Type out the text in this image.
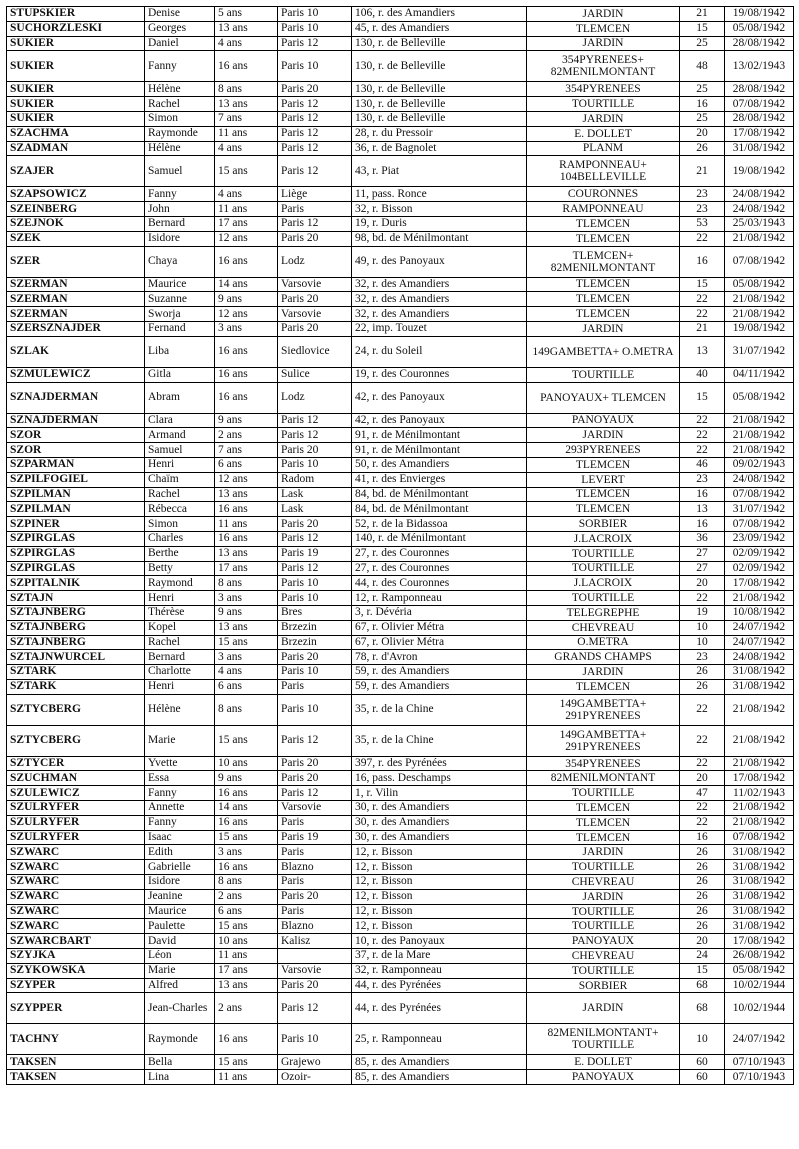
STUPSKIER	Denise	5 ans	Paris 10	106, r. des Amandiers	JARDIN	21	19/08/1942
SUCHORZLESKI	Georges	13 ans	Paris 10	45, r. des Amandiers	TLEMCEN	15	05/08/1942
SUKIER	Daniel	4 ans	Paris 12	130, r. de Belleville	JARDIN	25	28/08/1942
SUKIER	Fanny	16 ans	Paris 10	130, r. de Belleville	354PYRENEES+ 82MENILMONTANT	48	13/02/1943
SUKIER	Hélène	8 ans	Paris 20	130, r. de Belleville	354PYRENEES	25	28/08/1942
SUKIER	Rachel	13 ans	Paris 12	130, r. de Belleville	TOURTILLE	16	07/08/1942
SUKIER	Simon	7 ans	Paris 12	130, r. de Belleville	JARDIN	25	28/08/1942
SZACHMA	Raymonde	11 ans	Paris 12	28, r. du Pressoir	E. DOLLET	20	17/08/1942
SZADMAN	Hélène	4 ans	Paris 12	36, r. de Bagnolet	PLANM	26	31/08/1942
SZAJER	Samuel	15 ans	Paris 12	43, r. Piat	RAMPONNEAU+ 104BELLEVILLE	21	19/08/1942
SZAPSOWICZ	Fanny	4 ans	Liège	11, pass. Ronce	COURONNES	23	24/08/1942
SZEINBERG	John	11 ans	Paris	32, r. Bisson	RAMPONNEAU	23	24/08/1942
SZEJNOK	Bernard	17 ans	Paris 12	19, r. Duris	TLEMCEN	53	25/03/1943
SZEK	Isidore	12 ans	Paris 20	98, bd. de Ménilmontant	TLEMCEN	22	21/08/1942
SZER	Chaya	16 ans	Lodz	49, r. des Panoyaux	TLEMCEN+ 82MENILMONTANT	16	07/08/1942
SZERMAN	Maurice	14 ans	Varsovie	32, r. des Amandiers	TLEMCEN	15	05/08/1942
SZERMAN	Suzanne	9 ans	Paris 20	32, r. des Amandiers	TLEMCEN	22	21/08/1942
SZERMAN	Sworja	12 ans	Varsovie	32, r. des Amandiers	TLEMCEN	22	21/08/1942
SZERSZNAJDER	Fernand	3 ans	Paris 20	22, imp. Touzet	JARDIN	21	19/08/1942
SZLAK	Liba	16 ans	Siedlovice	24, r. du Soleil	149GAMBETTA+ O.METRA	13	31/07/1942
SZMULEWICZ	Gitla	16 ans	Sulice	19, r. des Couronnes	TOURTILLE	40	04/11/1942
SZNAJDERMAN	Abram	16 ans	Lodz	42, r. des Panoyaux	PANOYAUX+ TLEMCEN	15	05/08/1942
SZNAJDERMAN	Clara	9 ans	Paris 12	42, r. des Panoyaux	PANOYAUX	22	21/08/1942
SZOR	Armand	2 ans	Paris 12	91, r. de Ménilmontant	JARDIN	22	21/08/1942
SZOR	Samuel	7 ans	Paris 20	91, r. de Ménilmontant	293PYRENEES	22	21/08/1942
SZPARMAN	Henri	6 ans	Paris 10	50, r. des Amandiers	TLEMCEN	46	09/02/1943
SZPILFOGIEL	Chaïm	12 ans	Radom	41, r. des Envierges	LEVERT	23	24/08/1942
SZPILMAN	Rachel	13 ans	Lask	84, bd. de Ménilmontant	TLEMCEN	16	07/08/1942
SZPILMAN	Rébecca	16 ans	Lask	84, bd. de Ménilmontant	TLEMCEN	13	31/07/1942
SZPINER	Simon	11 ans	Paris 20	52, r. de la Bidassoa	SORBIER	16	07/08/1942
SZPIRGLAS	Charles	16 ans	Paris 12	140, r. de Ménilmontant	J.LACROIX	36	23/09/1942
SZPIRGLAS	Berthe	13 ans	Paris 19	27, r. des Couronnes	TOURTILLE	27	02/09/1942
SZPIRGLAS	Betty	17 ans	Paris 12	27, r. des Couronnes	TOURTILLE	27	02/09/1942
SZPITALNIK	Raymond	8 ans	Paris 10	44, r. des Couronnes	J.LACROIX	20	17/08/1942
SZTAJN	Henri	3 ans	Paris 10	12, r. Ramponneau	TOURTILLE	22	21/08/1942
SZTAJNBERG	Thérèse	9 ans	Bres	3, r. Dévéria	TELEGREPHE	19	10/08/1942
SZTAJNBERG	Kopel	13 ans	Brzezin	67, r. Olivier Métra	CHEVREAU	10	24/07/1942
SZTAJNBERG	Rachel	15 ans	Brzezin	67, r. Olivier Métra	O.METRA	10	24/07/1942
SZTAJNWURCEL	Bernard	3 ans	Paris 20	78, r. d'Avron	GRANDS CHAMPS	23	24/08/1942
SZTARK	Charlotte	4 ans	Paris 10	59, r. des Amandiers	JARDIN	26	31/08/1942
SZTARK	Henri	6 ans	Paris	59, r. des Amandiers	TLEMCEN	26	31/08/1942
SZTYCBERG	Hélène	8 ans	Paris 10	35, r. de la Chine	149GAMBETTA+ 291PYRENEES	22	21/08/1942
SZTYCBERG	Marie	15 ans	Paris 12	35, r. de la Chine	149GAMBETTA+ 291PYRENEES	22	21/08/1942
SZTYCER	Yvette	10 ans	Paris 20	397, r. des Pyrénées	354PYRENEES	22	21/08/1942
SZUCHMAN	Essa	9 ans	Paris 20	16, pass. Deschamps	82MENILMONTANT	20	17/08/1942
SZULEWICZ	Fanny	16 ans	Paris 12	1, r. Vilin	TOURTILLE	47	11/02/1943
SZULRYFER	Annette	14 ans	Varsovie	30, r. des Amandiers	TLEMCEN	22	21/08/1942
SZULRYFER	Fanny	16 ans	Paris	30, r. des Amandiers	TLEMCEN	22	21/08/1942
SZULRYFER	Isaac	15 ans	Paris 19	30, r. des Amandiers	TLEMCEN	16	07/08/1942
SZWARC	Edith	3 ans	Paris	12, r. Bisson	JARDIN	26	31/08/1942
SZWARC	Gabrielle	16 ans	Blazno	12, r. Bisson	TOURTILLE	26	31/08/1942
SZWARC	Isidore	8 ans	Paris	12, r. Bisson	CHEVREAU	26	31/08/1942
SZWARC	Jeanine	2 ans	Paris 20	12, r. Bisson	JARDIN	26	31/08/1942
SZWARC	Maurice	6 ans	Paris	12, r. Bisson	TOURTILLE	26	31/08/1942
SZWARC	Paulette	15 ans	Blazno	12, r. Bisson	TOURTILLE	26	31/08/1942
SZWARCBART	David	10 ans	Kalisz	10, r. des Panoyaux	PANOYAUX	20	17/08/1942
SZYJKA	Léon	11 ans		37, r. de la Mare	CHEVREAU	24	26/08/1942
SZYKOWSKA	Marie	17 ans	Varsovie	32, r. Ramponneau	TOURTILLE	15	05/08/1942
SZYPER	Alfred	13 ans	Paris 20	44, r. des Pyrénées	SORBIER	68	10/02/1944
SZYPPER	Jean-Charles	2 ans	Paris 12	44, r. des Pyrénées	JARDIN	68	10/02/1944
TACHNY	Raymonde	16 ans	Paris 10	25, r. Ramponneau	82MENILMONTANT+ TOURTILLE	10	24/07/1942
TAKSEN	Bella	15 ans	Grajewo	85, r. des Amandiers	E. DOLLET	60	07/10/1943
TAKSEN	Lina	11 ans	Ozoir-	85, r. des Amandiers	PANOYAUX	60	07/10/1943
